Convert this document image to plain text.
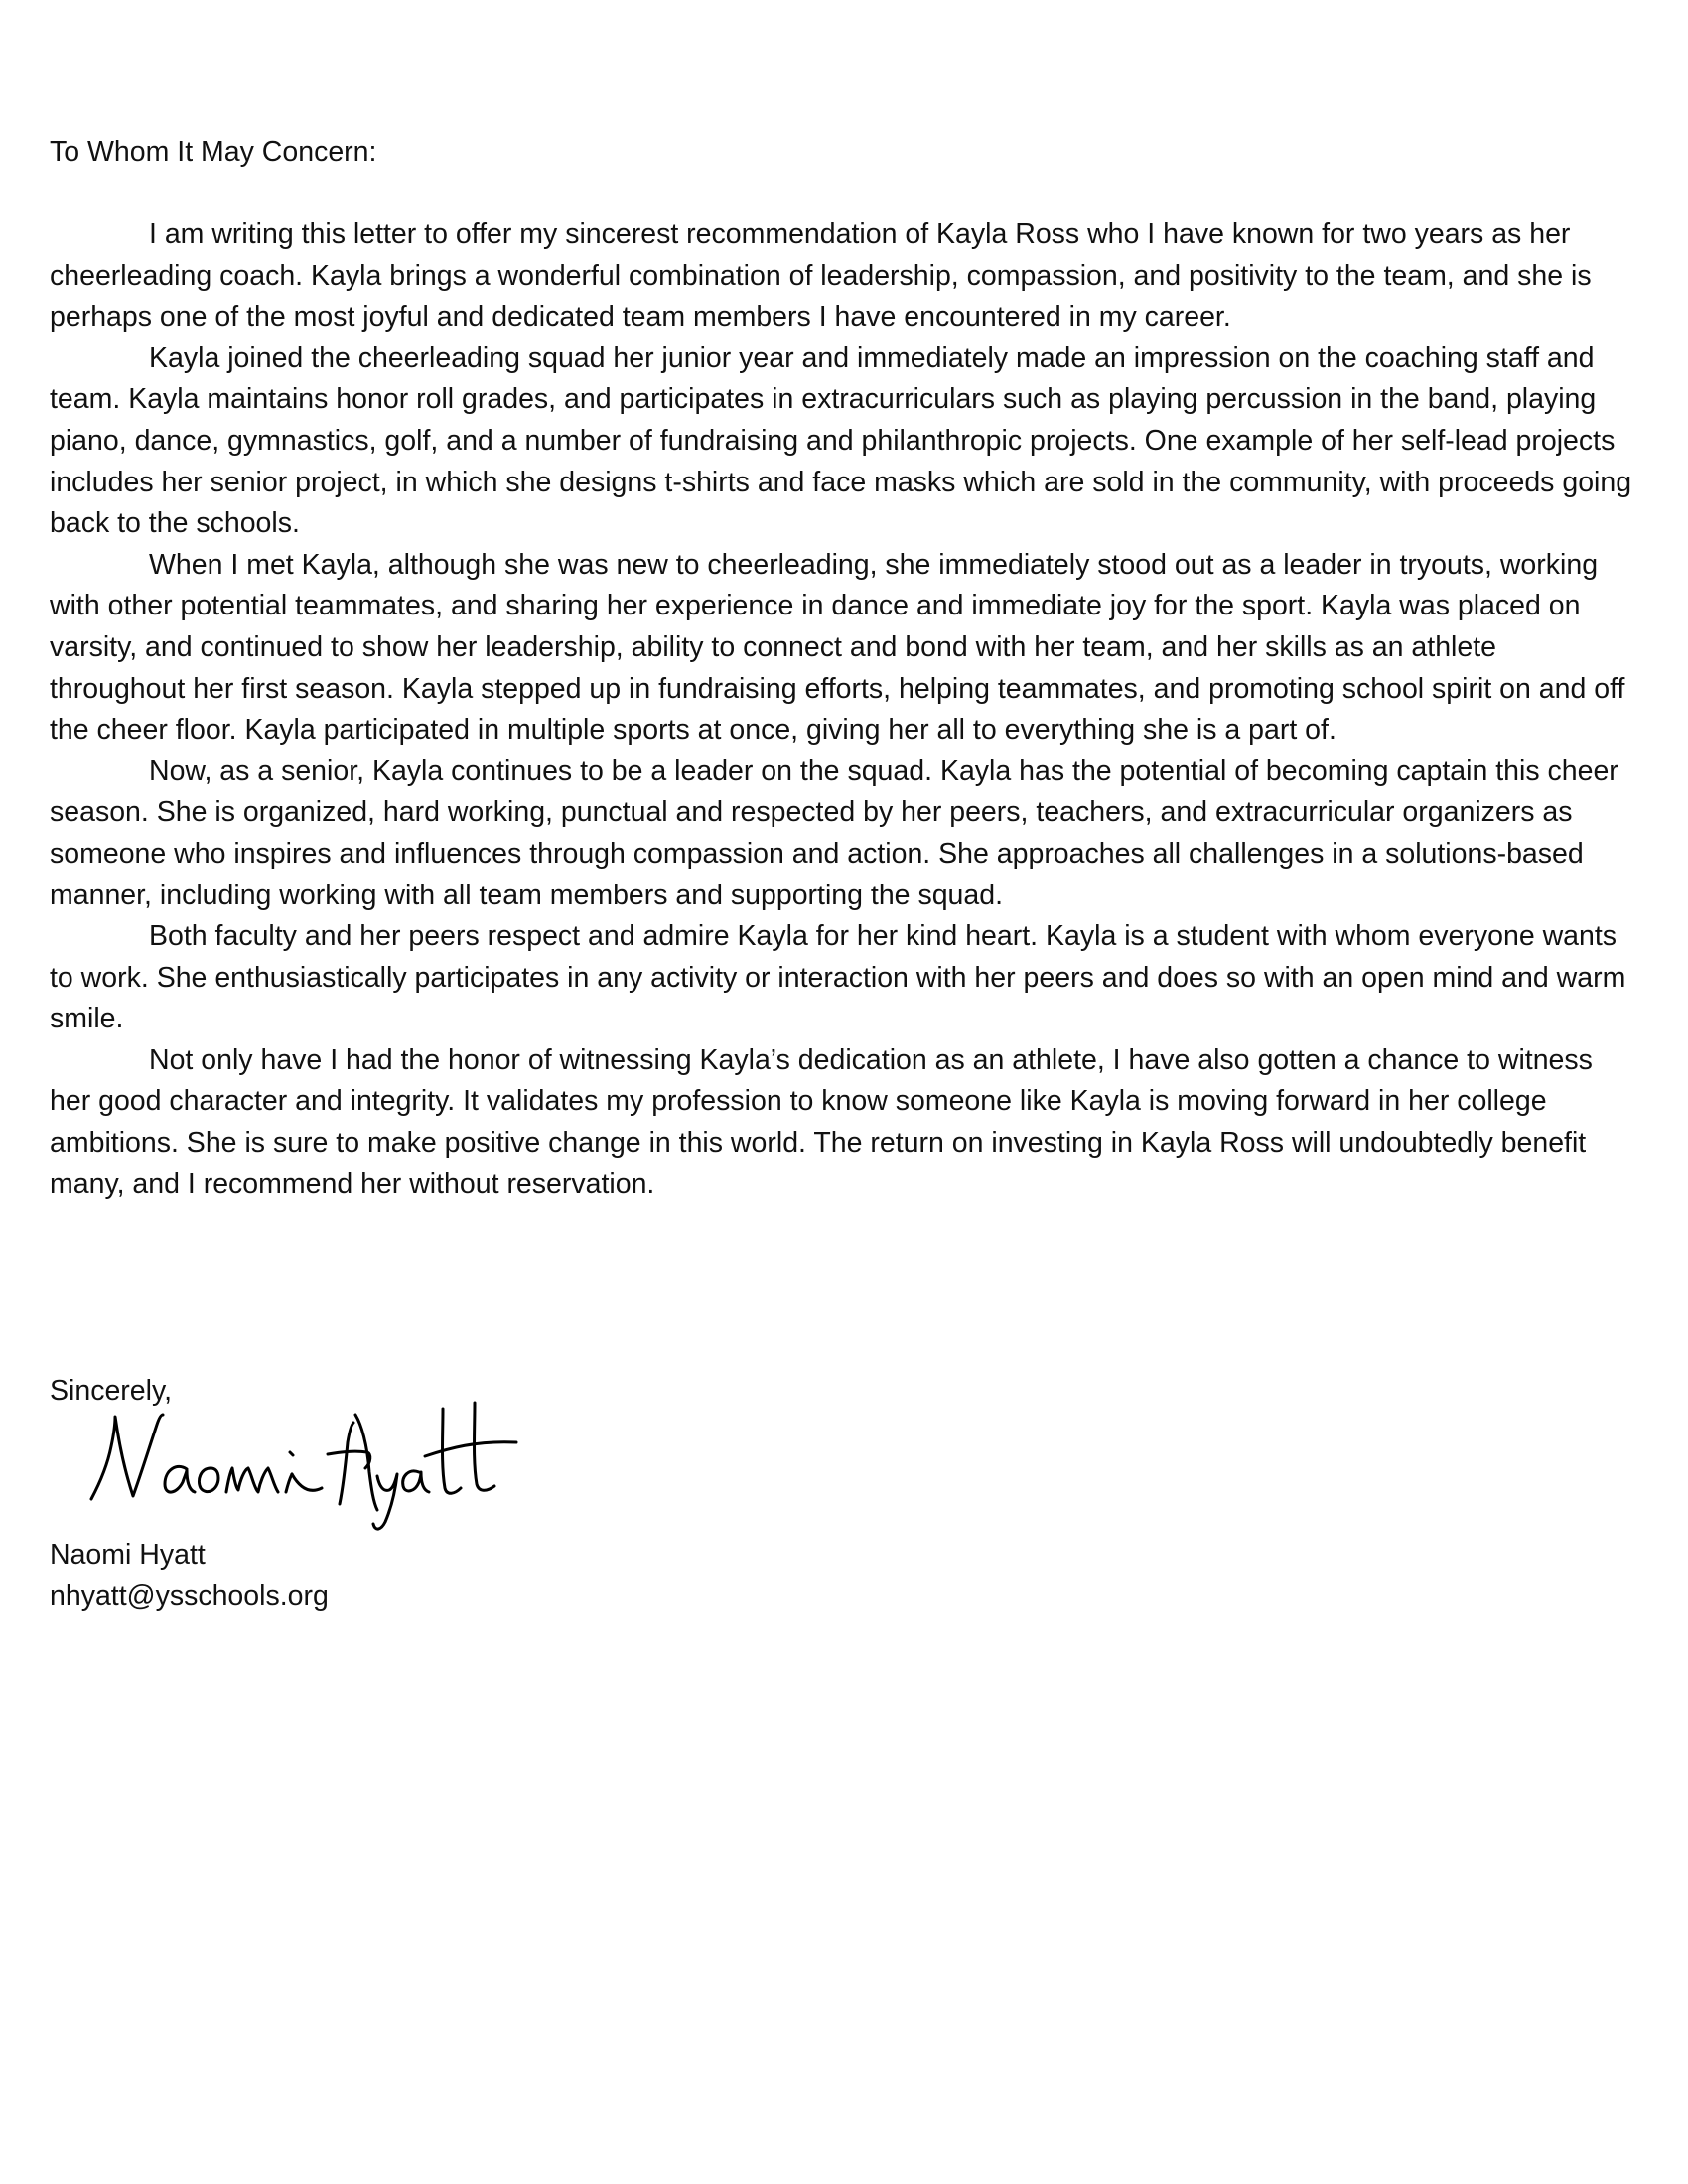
To Whom It May Concern:

I am writing this letter to offer my sincerest recommendation of Kayla Ross who I have known for two years as her cheerleading coach. Kayla brings a wonderful combination of leadership, compassion, and positivity to the team, and she is perhaps one of the most joyful and dedicated team members I have encountered in my career.

Kayla joined the cheerleading squad her junior year and immediately made an impression on the coaching staff and team. Kayla maintains honor roll grades, and participates in extracurriculars such as playing percussion in the band, playing piano, dance, gymnastics, golf, and a number of fundraising and philanthropic projects. One example of her self-lead projects includes her senior project, in which she designs t-shirts and face masks which are sold in the community, with proceeds going back to the schools.

When I met Kayla, although she was new to cheerleading, she immediately stood out as a leader in tryouts, working with other potential teammates, and sharing her experience in dance and immediate joy for the sport. Kayla was placed on varsity, and continued to show her leadership, ability to connect and bond with her team, and her skills as an athlete throughout her first season. Kayla stepped up in fundraising efforts, helping teammates, and promoting school spirit on and off the cheer floor. Kayla participated in multiple sports at once, giving her all to everything she is a part of.

Now, as a senior, Kayla continues to be a leader on the squad. Kayla has the potential of becoming captain this cheer season. She is organized, hard working, punctual and respected by her peers, teachers, and extracurricular organizers as someone who inspires and influences through compassion and action. She approaches all challenges in a solutions-based manner, including working with all team members and supporting the squad.

Both faculty and her peers respect and admire Kayla for her kind heart. Kayla is a student with whom everyone wants to work. She enthusiastically participates in any activity or interaction with her peers and does so with an open mind and warm smile.

Not only have I had the honor of witnessing Kayla’s dedication as an athlete, I have also gotten a chance to witness her good character and integrity. It validates my profession to know someone like Kayla is moving forward in her college ambitions. She is sure to make positive change in this world. The return on investing in Kayla Ross will undoubtedly benefit many, and I recommend her without reservation.

Sincerely,

Naomi Hyatt
nhyatt@ysschools.org
